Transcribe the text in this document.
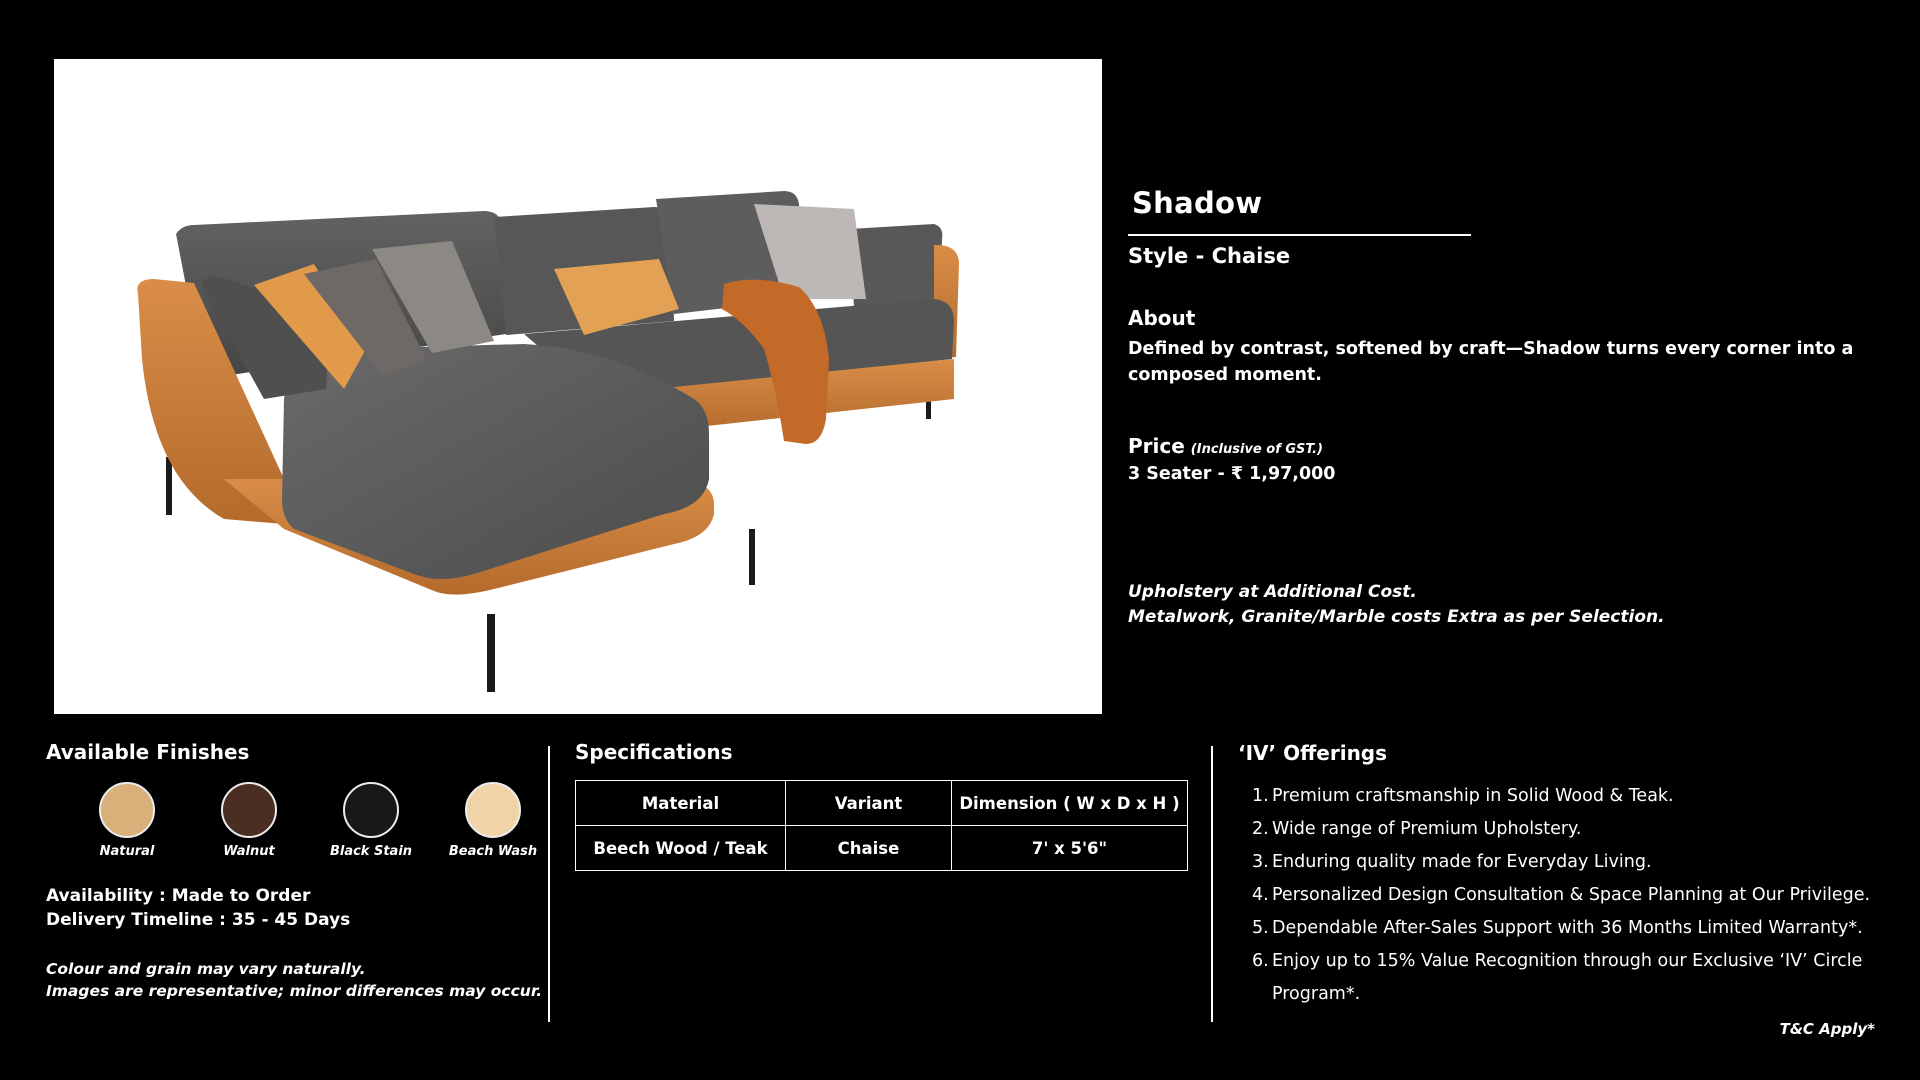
Shadow
Style - Chaise
About
Defined by contrast, softened by craft—Shadow turns every corner into a composed moment.
Price (Inclusive of GST.)
3 Seater - ₹ 1,97,000
Upholstery at Additional Cost.
Metalwork, Granite/Marble costs Extra as per Selection.
Available Finishes
Natural	Walnut	Black Stain	Beach Wash
Availability : Made to Order
Delivery Timeline : 35 - 45 Days
Colour and grain may vary naturally.
Images are representative; minor differences may occur.
Specifications
Material	Variant	Dimension ( W x D x H )
Beech Wood / Teak	Chaise	7' x 5'6"
‘IV’ Offerings
1. Premium craftsmanship in Solid Wood & Teak.
2. Wide range of Premium Upholstery.
3. Enduring quality made for Everyday Living.
4. Personalized Design Consultation & Space Planning at Our Privilege.
5. Dependable After-Sales Support with 36 Months Limited Warranty*.
6. Enjoy up to 15% Value Recognition through our Exclusive ‘IV’ Circle Program*.
T&C Apply*
